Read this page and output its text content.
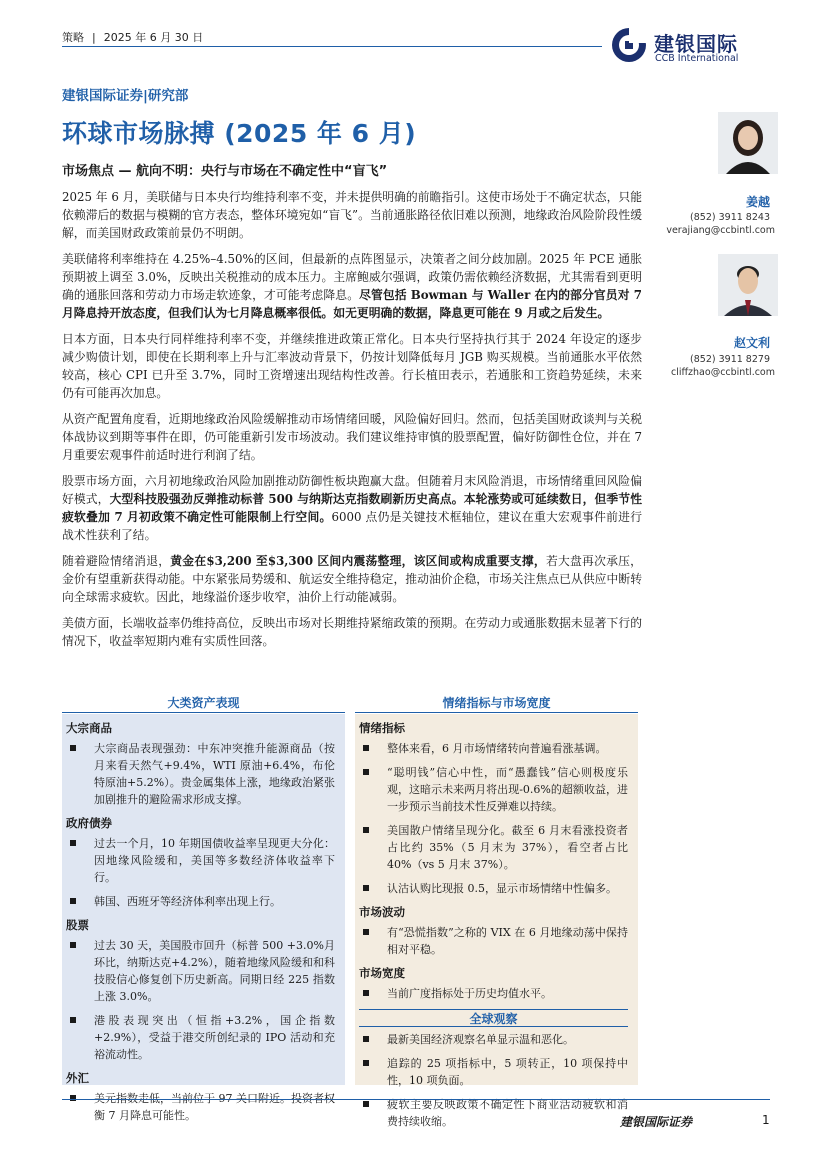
策略 | 2025 年 6 月 30 日	建银国际
CCB International
建银国际证券|研究部
环球市场脉搏 (2025 年 6 月)
市场焦点 — 航向不明：央行与市场在不确定性中“盲飞”

2025 年 6 月，美联储与日本央行均维持利率不变，并未提供明确的前瞻指引。这使市场处于不确定状态，只能依赖滞后的数据与模糊的官方表态，整体环境宛如“盲飞”。当前通胀路径依旧难以预测，地缘政治风险阶段性缓解，而美国财政政策前景仍不明朗。

美联储将利率维持在 4.25%–4.50%的区间，但最新的点阵图显示，决策者之间分歧加剧。2025 年 PCE 通胀预期被上调至 3.0%，反映出关税推动的成本压力。主席鲍威尔强调，政策仍需依赖经济数据，尤其需看到更明确的通胀回落和劳动力市场走软迹象，才可能考虑降息。尽管包括 Bowman 与 Waller 在内的部分官员对 7 月降息持开放态度，但我们认为七月降息概率很低。如无更明确的数据，降息更可能在 9 月或之后发生。

日本方面，日本央行同样维持利率不变，并继续推进政策正常化。日本央行坚持执行其于 2024 年设定的逐步减少购债计划，即使在长期利率上升与汇率波动背景下，仍按计划降低每月 JGB 购买规模。当前通胀水平依然较高，核心 CPI 已升至 3.7%，同时工资增速出现结构性改善。行长植田表示，若通胀和工资趋势延续，未来仍有可能再次加息。

从资产配置角度看，近期地缘政治风险缓解推动市场情绪回暖，风险偏好回归。然而，包括美国财政谈判与关税体战协议到期等事件在即，仍可能重新引发市场波动。我们建议维持审慎的股票配置，偏好防御性仓位，并在 7 月重要宏观事件前适时进行利润了结。

股票市场方面，六月初地缘政治风险加剧推动防御性板块跑赢大盘。但随着月末风险消退，市场情绪重回风险偏好模式，大型科技股强劲反弹推动标普 500 与纳斯达克指数刷新历史高点。本轮涨势或可延续数日，但季节性疲软叠加 7 月初政策不确定性可能限制上行空间。6000 点仍是关键技术框轴位，建议在重大宏观事件前进行战术性获利了结。

随着避险情绪消退，黄金在$3,200 至$3,300 区间内震荡整理，该区间或构成重要支撑，若大盘再次承压，金价有望重新获得动能。中东紧张局势缓和、航运安全维持稳定，推动油价企稳，市场关注焦点已从供应中断转向全球需求疲软。因此，地缘溢价逐步收窄，油价上行动能减弱。

美债方面，长端收益率仍维持高位，反映出市场对长期维持紧缩政策的预期。在劳动力或通胀数据未显著下行的情况下，收益率短期内难有实质性回落。

姜越
(852) 3911 8243
verajiang@ccbintl.com
赵文利
(852) 3911 8279
cliffzhao@ccbintl.com
大类资产表现
大宗商品
大宗商品表现强劲：中东冲突推升能源商品（按月来看天然气+9.4%，WTI 原油+6.4%，布伦特原油+5.2%）。贵金属集体上涨，地缘政治紧张加剧推升的避险需求形成支撑。
政府债券
过去一个月，10 年期国债收益率呈现更大分化：因地缘风险缓和，美国等多数经济体收益率下行。
韩国、西班牙等经济体利率出现上行。
股票
过去 30 天，美国股市回升（标普 500 +3.0%月环比，纳斯达克+4.2%），随着地缘风险缓和和科技股信心修复创下历史新高。同期日经 225 指数上涨 3.0%。
港股表现突出（恒指+3.2%，国企指数+2.9%），受益于港交所创纪录的 IPO 活动和充裕流动性。
外汇
美元指数走低，当前位于 97 关口附近。投资者权衡 7 月降息可能性。
情绪指标与市场宽度
情绪指标
整体来看，6 月市场情绪转向普遍看涨基调。
“聪明钱”信心中性，而“愚蠢钱”信心则极度乐观，这暗示未来两月将出现-0.6%的超额收益，进一步预示当前技术性反弹难以持续。
美国散户情绪呈现分化。截至 6 月末看涨投资者占比约 35%（5 月末为 37%），看空者占比 40%（vs 5 月末 37%）。
认沽认购比现报 0.5，显示市场情绪中性偏多。
市场波动
有“恐慌指数”之称的 VIX 在 6 月地缘动荡中保持相对平稳。
市场宽度
当前广度指标处于历史均值水平。
全球观察
最新美国经济观察名单显示温和恶化。
追踪的 25 项指标中，5 项转正，10 项保持中性，10 项负面。
疲软主要反映政策不确定性下商业活动疲软和消费持续收缩。	建银国际证券	1
